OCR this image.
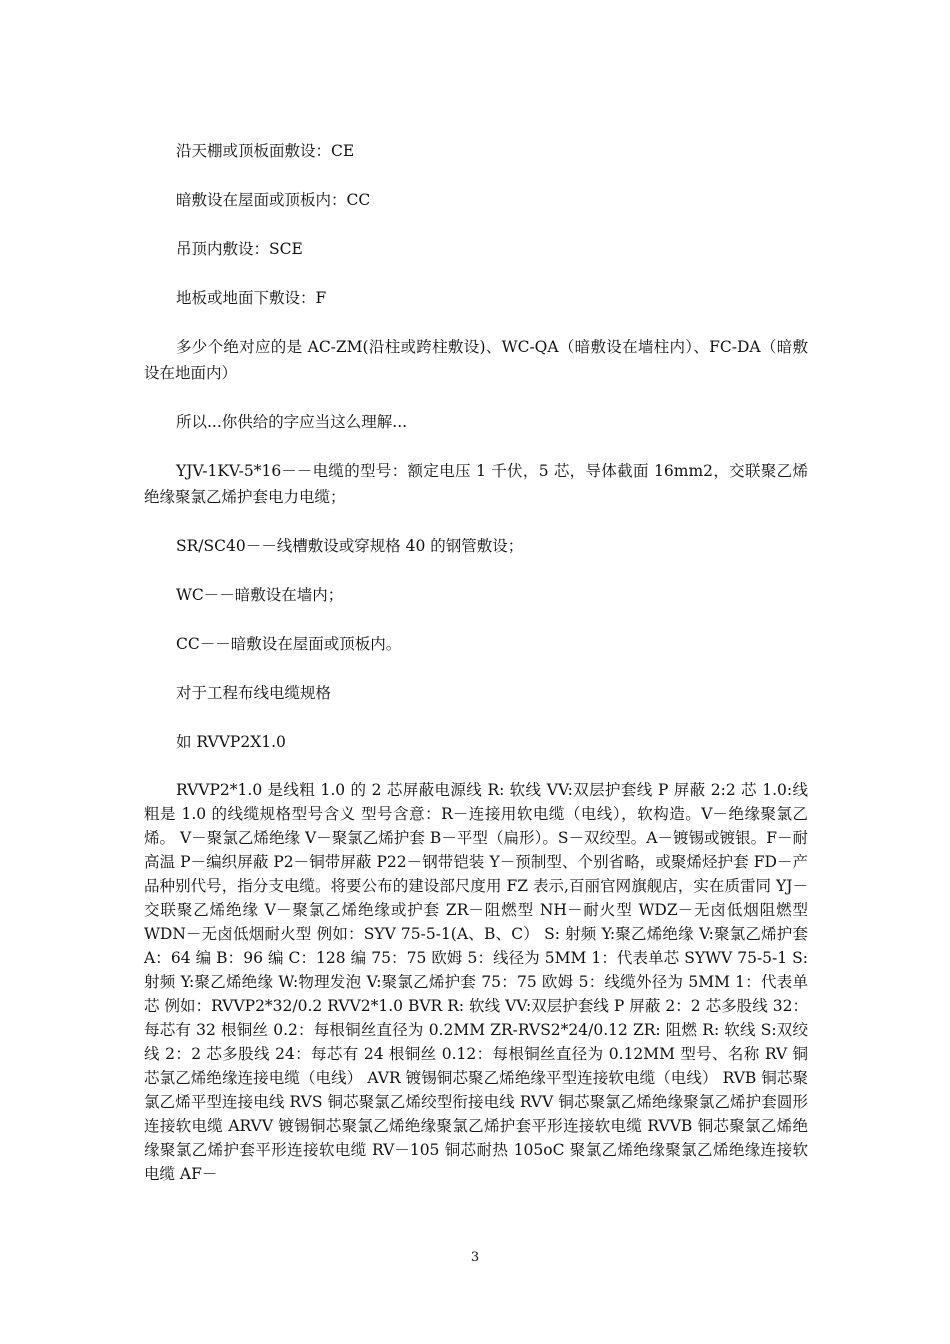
沿天棚或顶板面敷设：CE

暗敷设在屋面或顶板内：CC

吊顶内敷设：SCE

地板或地面下敷设：F

多少个绝对应的是 AC-ZM(沿柱或跨柱敷设)、WC-QA（暗敷设在墙柱内）、FC-DA（暗敷设在地面内）

所以...你供给的字应当这么理解...

YJV-1KV-5*16－－电缆的型号：额定电压 1 千伏，5 芯，导体截面 16mm2，交联聚乙烯绝缘聚氯乙烯护套电力电缆；

SR/SC40－－线槽敷设或穿规格 40 的钢管敷设；

WC－－暗敷设在墙内；

CC－－暗敷设在屋面或顶板内。

对于工程布线电缆规格

如 RVVP2X1.0

RVVP2*1.0 是线粗 1.0 的 2 芯屏蔽电源线 R: 软线 VV:双层护套线 P 屏蔽 2:2 芯 1.0:线粗是 1.0 的线缆规格型号含义 型号含意：R－连接用软电缆（电线），软构造。V－绝缘聚氯乙烯。 V－聚氯乙烯绝缘 V－聚氯乙烯护套 B－平型（扁形）。S－双绞型。A－镀锡或镀银。F－耐高温 P－编织屏蔽 P2－铜带屏蔽 P22－钢带铠装 Y－预制型、个别省略，或聚烯烃护套 FD－产品种别代号，指分支电缆。将要公布的建设部尺度用 FZ 表示,百丽官网旗舰店，实在质雷同 YJ－交联聚乙烯绝缘 V－聚氯乙烯绝缘或护套 ZR－阻燃型 NH－耐火型 WDZ－无卤低烟阻燃型 WDN－无卤低烟耐火型 例如：SYV 75-5-1(A、B、C） S: 射频 Y:聚乙烯绝缘 V:聚氯乙烯护套 A：64 编 B：96 编 C：128 编 75：75 欧姆 5：线径为 5MM 1：代表单芯 SYWV 75-5-1 S: 射频 Y:聚乙烯绝缘 W:物理发泡 V:聚氯乙烯护套 75：75 欧姆 5：线缆外径为 5MM 1：代表单芯 例如：RVVP2*32/0.2 RVV2*1.0 BVR R: 软线 VV:双层护套线 P 屏蔽 2：2 芯多股线 32：每芯有 32 根铜丝 0.2：每根铜丝直径为 0.2MM ZR-RVS2*24/0.12 ZR: 阻燃 R: 软线 S:双绞线 2：2 芯多股线 24：每芯有 24 根铜丝 0.12：每根铜丝直径为 0.12MM 型号、名称 RV 铜芯氯乙烯绝缘连接电缆（电线） AVR 镀锡铜芯聚乙烯绝缘平型连接软电缆（电线） RVB 铜芯聚氯乙烯平型连接电线 RVS 铜芯聚氯乙烯绞型衔接电线 RVV 铜芯聚氯乙烯绝缘聚氯乙烯护套圆形连接软电缆 ARVV 镀锡铜芯聚氯乙烯绝缘聚氯乙烯护套平形连接软电缆 RVVB 铜芯聚氯乙烯绝缘聚氯乙烯护套平形连接软电缆 RV－105 铜芯耐热 105oC 聚氯乙烯绝缘聚氯乙烯绝缘连接软电缆 AF－

3
